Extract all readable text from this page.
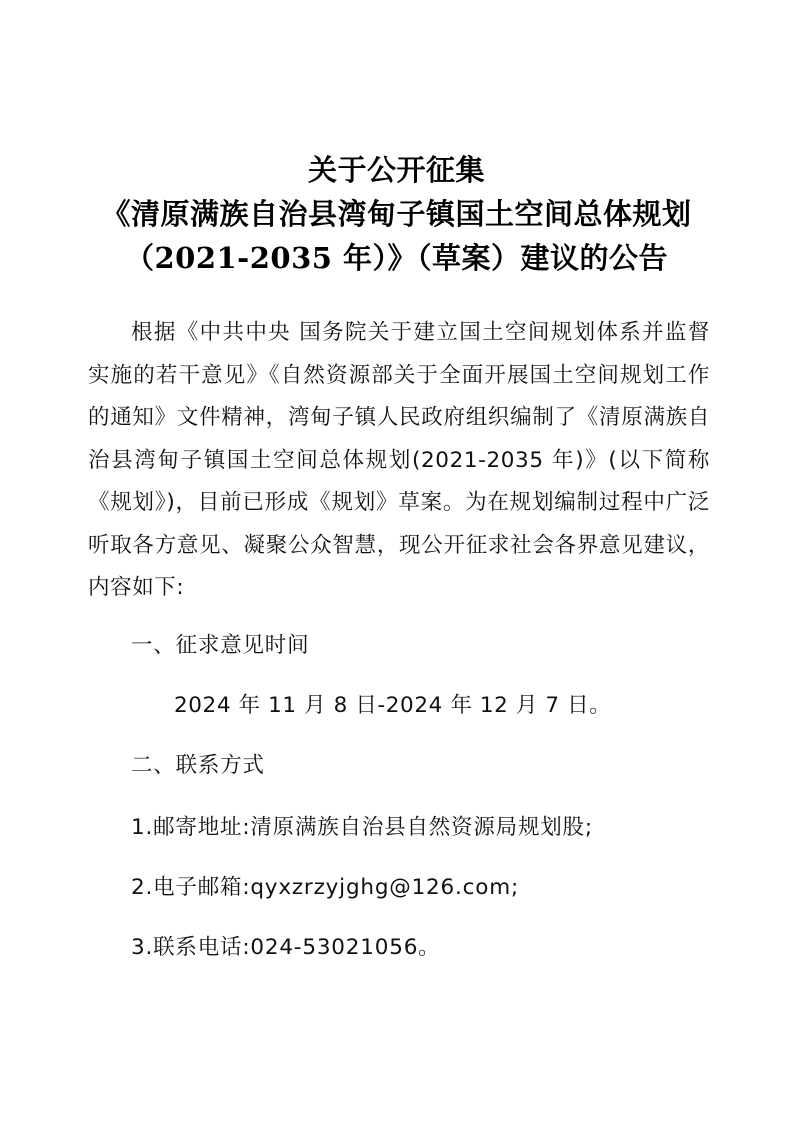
关于公开征集
《清原满族自治县湾甸子镇国土空间总体规划
（2021-2035 年）》（草案）建议的公告
根据《中共中央 国务院关于建立国土空间规划体系并监督实施的若干意见》《自然资源部关于全面开展国土空间规划工作的通知》文件精神，湾甸子镇人民政府组织编制了《清原满族自治县湾甸子镇国土空间总体规划(2021-2035 年)》(以下简称《规划》)，目前已形成《规划》草案。为在规划编制过程中广泛听取各方意见、凝聚公众智慧，现公开征求社会各界意见建议，内容如下:
一、征求意见时间
2024 年 11 月 8 日-2024 年 12 月 7 日。
二、联系方式
1.邮寄地址:清原满族自治县自然资源局规划股;
2.电子邮箱:qyxzrzyjghg@126.com;
3.联系电话:024-53021056。
